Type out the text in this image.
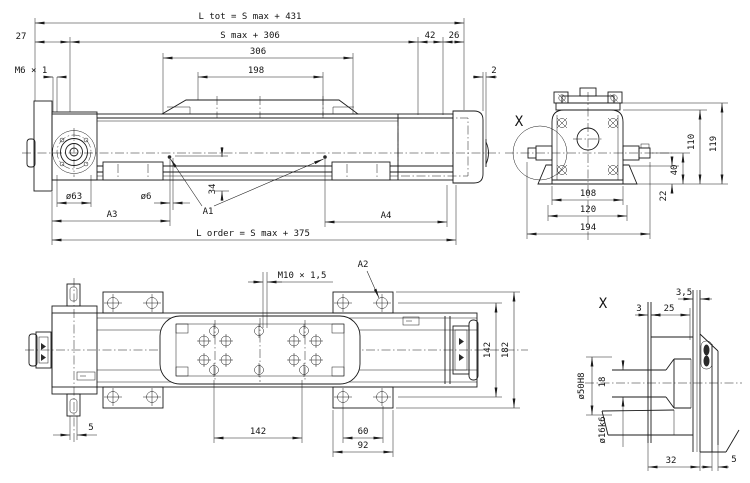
L tot = S max + 431
S max + 306
27	42 26
306
198
M6 × 1	2
ø63	ø6
34
A3	A1	A4
L order = S max + 375
X
40
22
110 119
108
120
194
M10 × 1,5
A2
142 182
5	142	60
92
X
3,5
3 25
ø50H8 18
ø16k6
32	5
